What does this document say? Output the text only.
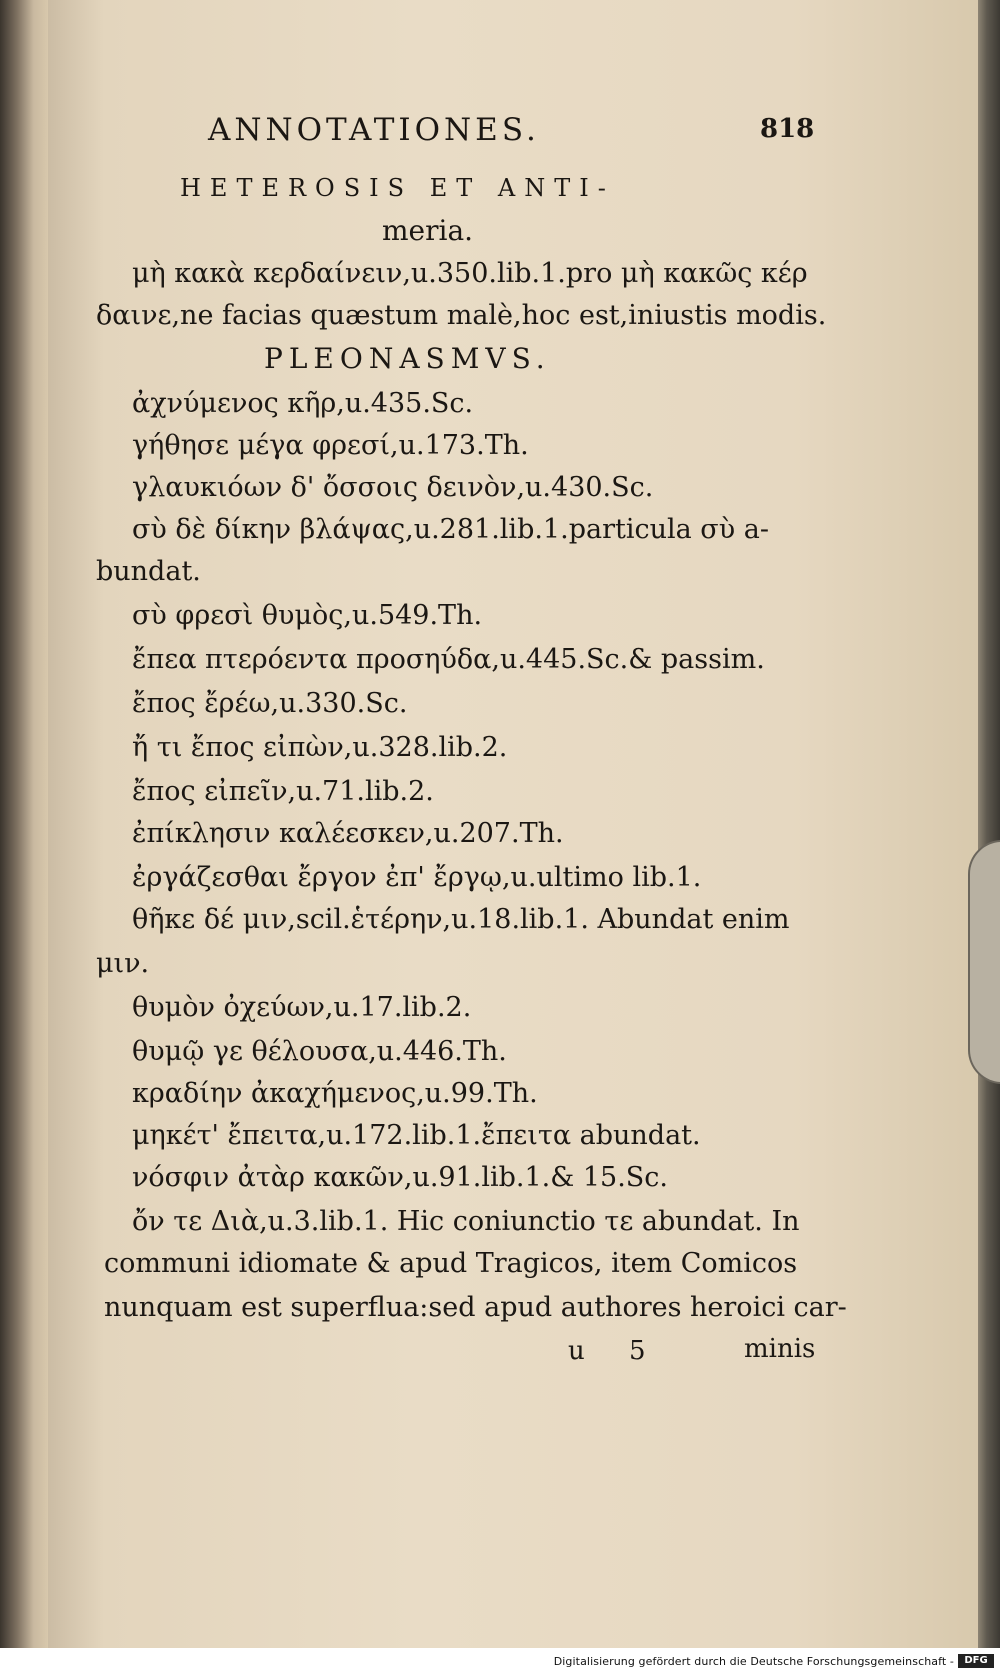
ANNOTATIONES.	818
HETEROSIS ET ANTI-
meria.
μὴ κακὰ κερδαίνειν,u.350.lib.1.pro μὴ κακῶς κέρ
δαινε,ne facias quæstum malè,hoc est,iniustis modis.
PLEONASMVS.
ἀχνύμενος κῆρ,u.435.Sc.
γήθησε μέγα φρεσί,u.173.Th.
γλαυκιόων δ' ὄσσοις δεινὸν,u.430.Sc.
σὺ δὲ δίκην βλάψας,u.281.lib.1.particula σὺ a-
bundat.
σὺ φρεσὶ θυμὸς,u.549.Th.
ἔπεα πτερόεντα προσηύδα,u.445.Sc.& passim.
ἔπος ἔρέω,u.330.Sc.
ἤ τι ἔπος εἰπὼν,u.328.lib.2.
ἔπος εἰπεῖν,u.71.lib.2.
ἐπίκλησιν καλέεσκεν,u.207.Th.
ἐργάζεσθαι ἔργον ἐπ' ἔργῳ,u.ultimo lib.1.
θῆκε δέ μιν,scil.ἑτέρην,u.18.lib.1. Abundat enim
μιν.
θυμὸν ὀχεύων,u.17.lib.2.
θυμῷ γε θέλουσα,u.446.Th.
κραδίην ἀκαχήμενος,u.99.Th.
μηκέτ' ἔπειτα,u.172.lib.1.ἔπειτα abundat.
νόσφιν ἀτὰρ κακῶν,u.91.lib.1.& 15.Sc.
ὄν τε Διὰ,u.3.lib.1. Hic coniunctio τε abundat. In
communi idiomate & apud Tragicos, item Comicos
nunquam est superflua:sed apud authores heroici car-
u 5	minis
Digitalisierung gefördert durch die Deutsche Forschungsgemeinschaft -	DFG
